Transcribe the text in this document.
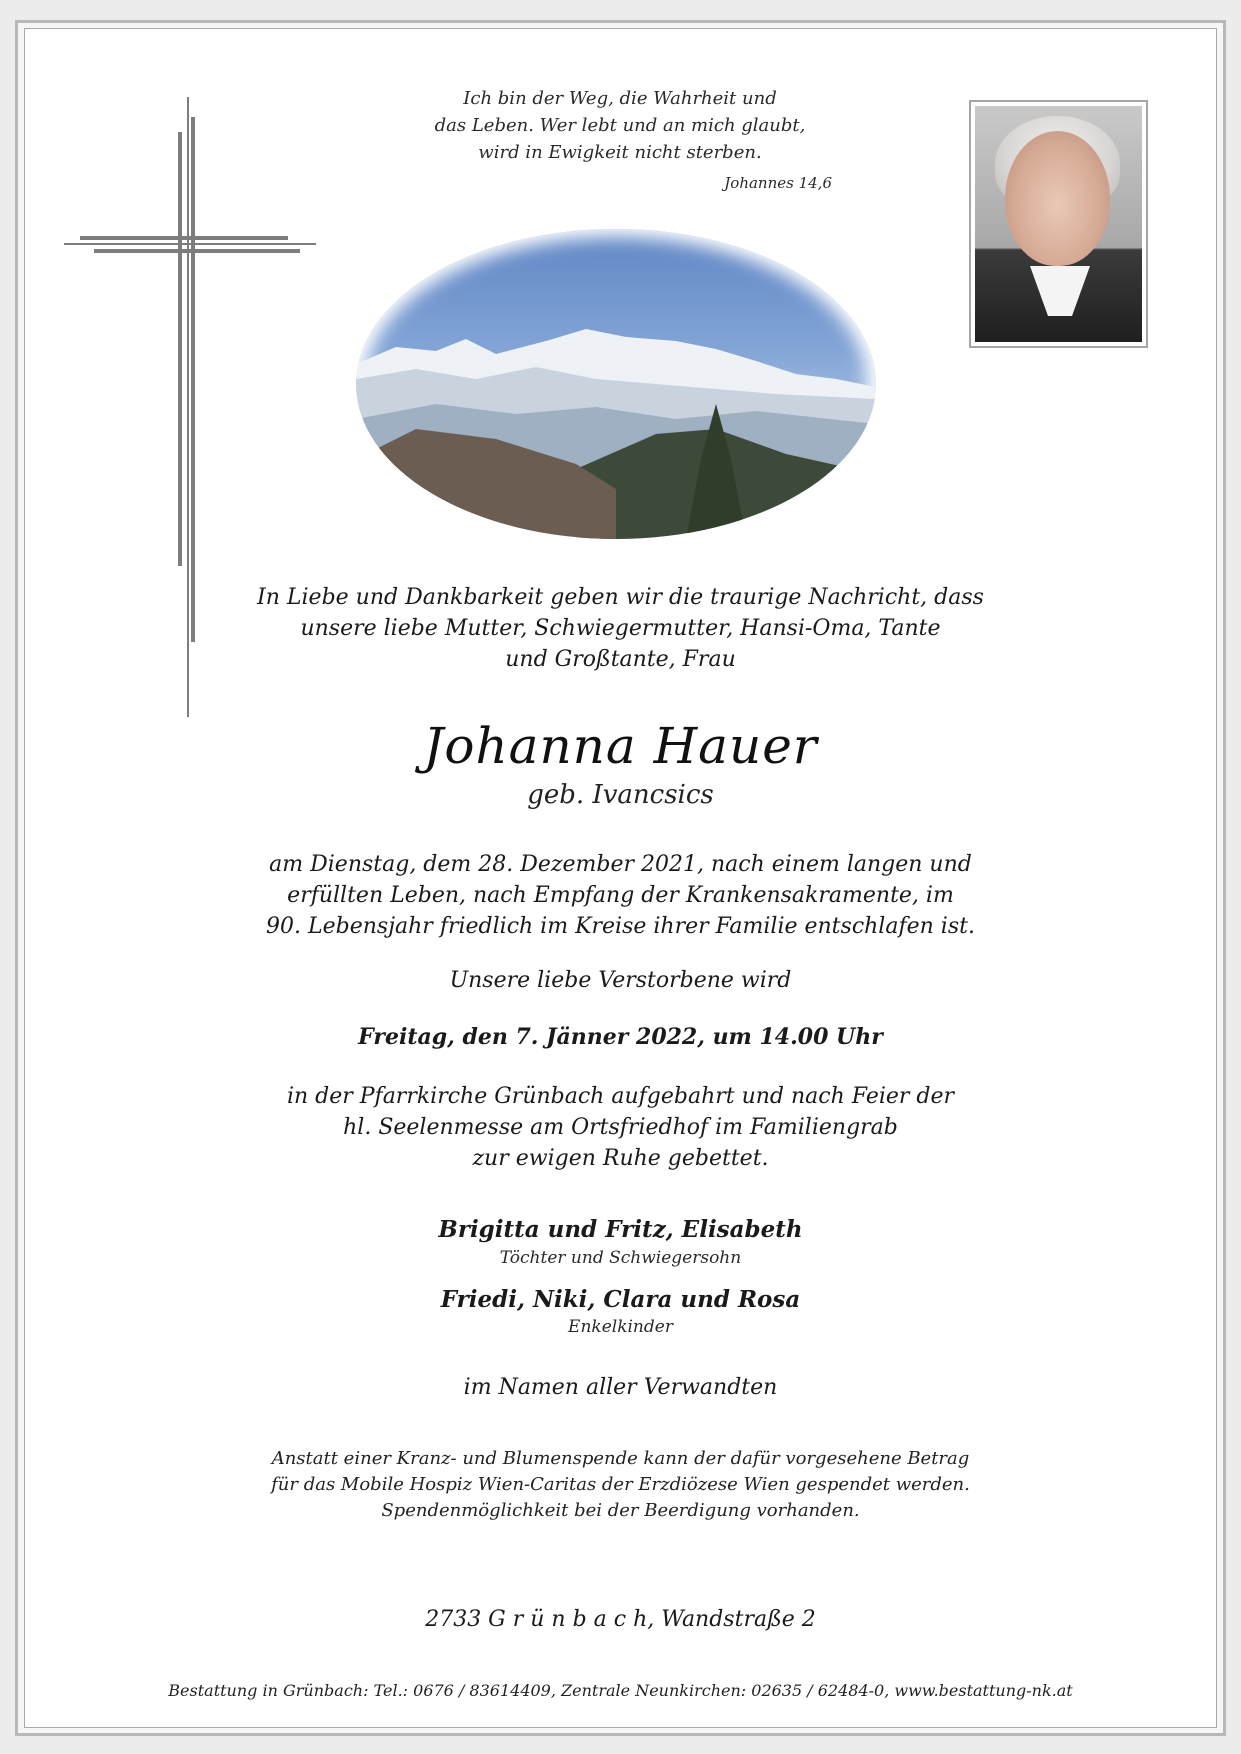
Ich bin der Weg, die Wahrheit und
das Leben. Wer lebt und an mich glaubt,
wird in Ewigkeit nicht sterben.
Johannes 14,6
In Liebe und Dankbarkeit geben wir die traurige Nachricht, dass
unsere liebe Mutter, Schwiegermutter, Hansi-Oma, Tante
und Großtante, Frau
Johanna Hauer
geb. Ivancsics
am Dienstag, dem 28. Dezember 2021, nach einem langen und
erfüllten Leben, nach Empfang der Krankensakramente, im
90. Lebensjahr friedlich im Kreise ihrer Familie entschlafen ist.
Unsere liebe Verstorbene wird
Freitag, den 7. Jänner 2022, um 14.00 Uhr
in der Pfarrkirche Grünbach aufgebahrt und nach Feier der
hl. Seelenmesse am Ortsfriedhof im Familiengrab
zur ewigen Ruhe gebettet.
Brigitta und Fritz, Elisabeth
Töchter und Schwiegersohn
Friedi, Niki, Clara und Rosa
Enkelkinder
im Namen aller Verwandten
Anstatt einer Kranz- und Blumenspende kann der dafür vorgesehene Betrag
für das Mobile Hospiz Wien-Caritas der Erzdiözese Wien gespendet werden.
Spendenmöglichkeit bei der Beerdigung vorhanden.
2733 G r ü n b a c h, Wandstraße 2
Bestattung in Grünbach: Tel.: 0676 / 83614409, Zentrale Neunkirchen: 02635 / 62484-0, www.bestattung-nk.at
